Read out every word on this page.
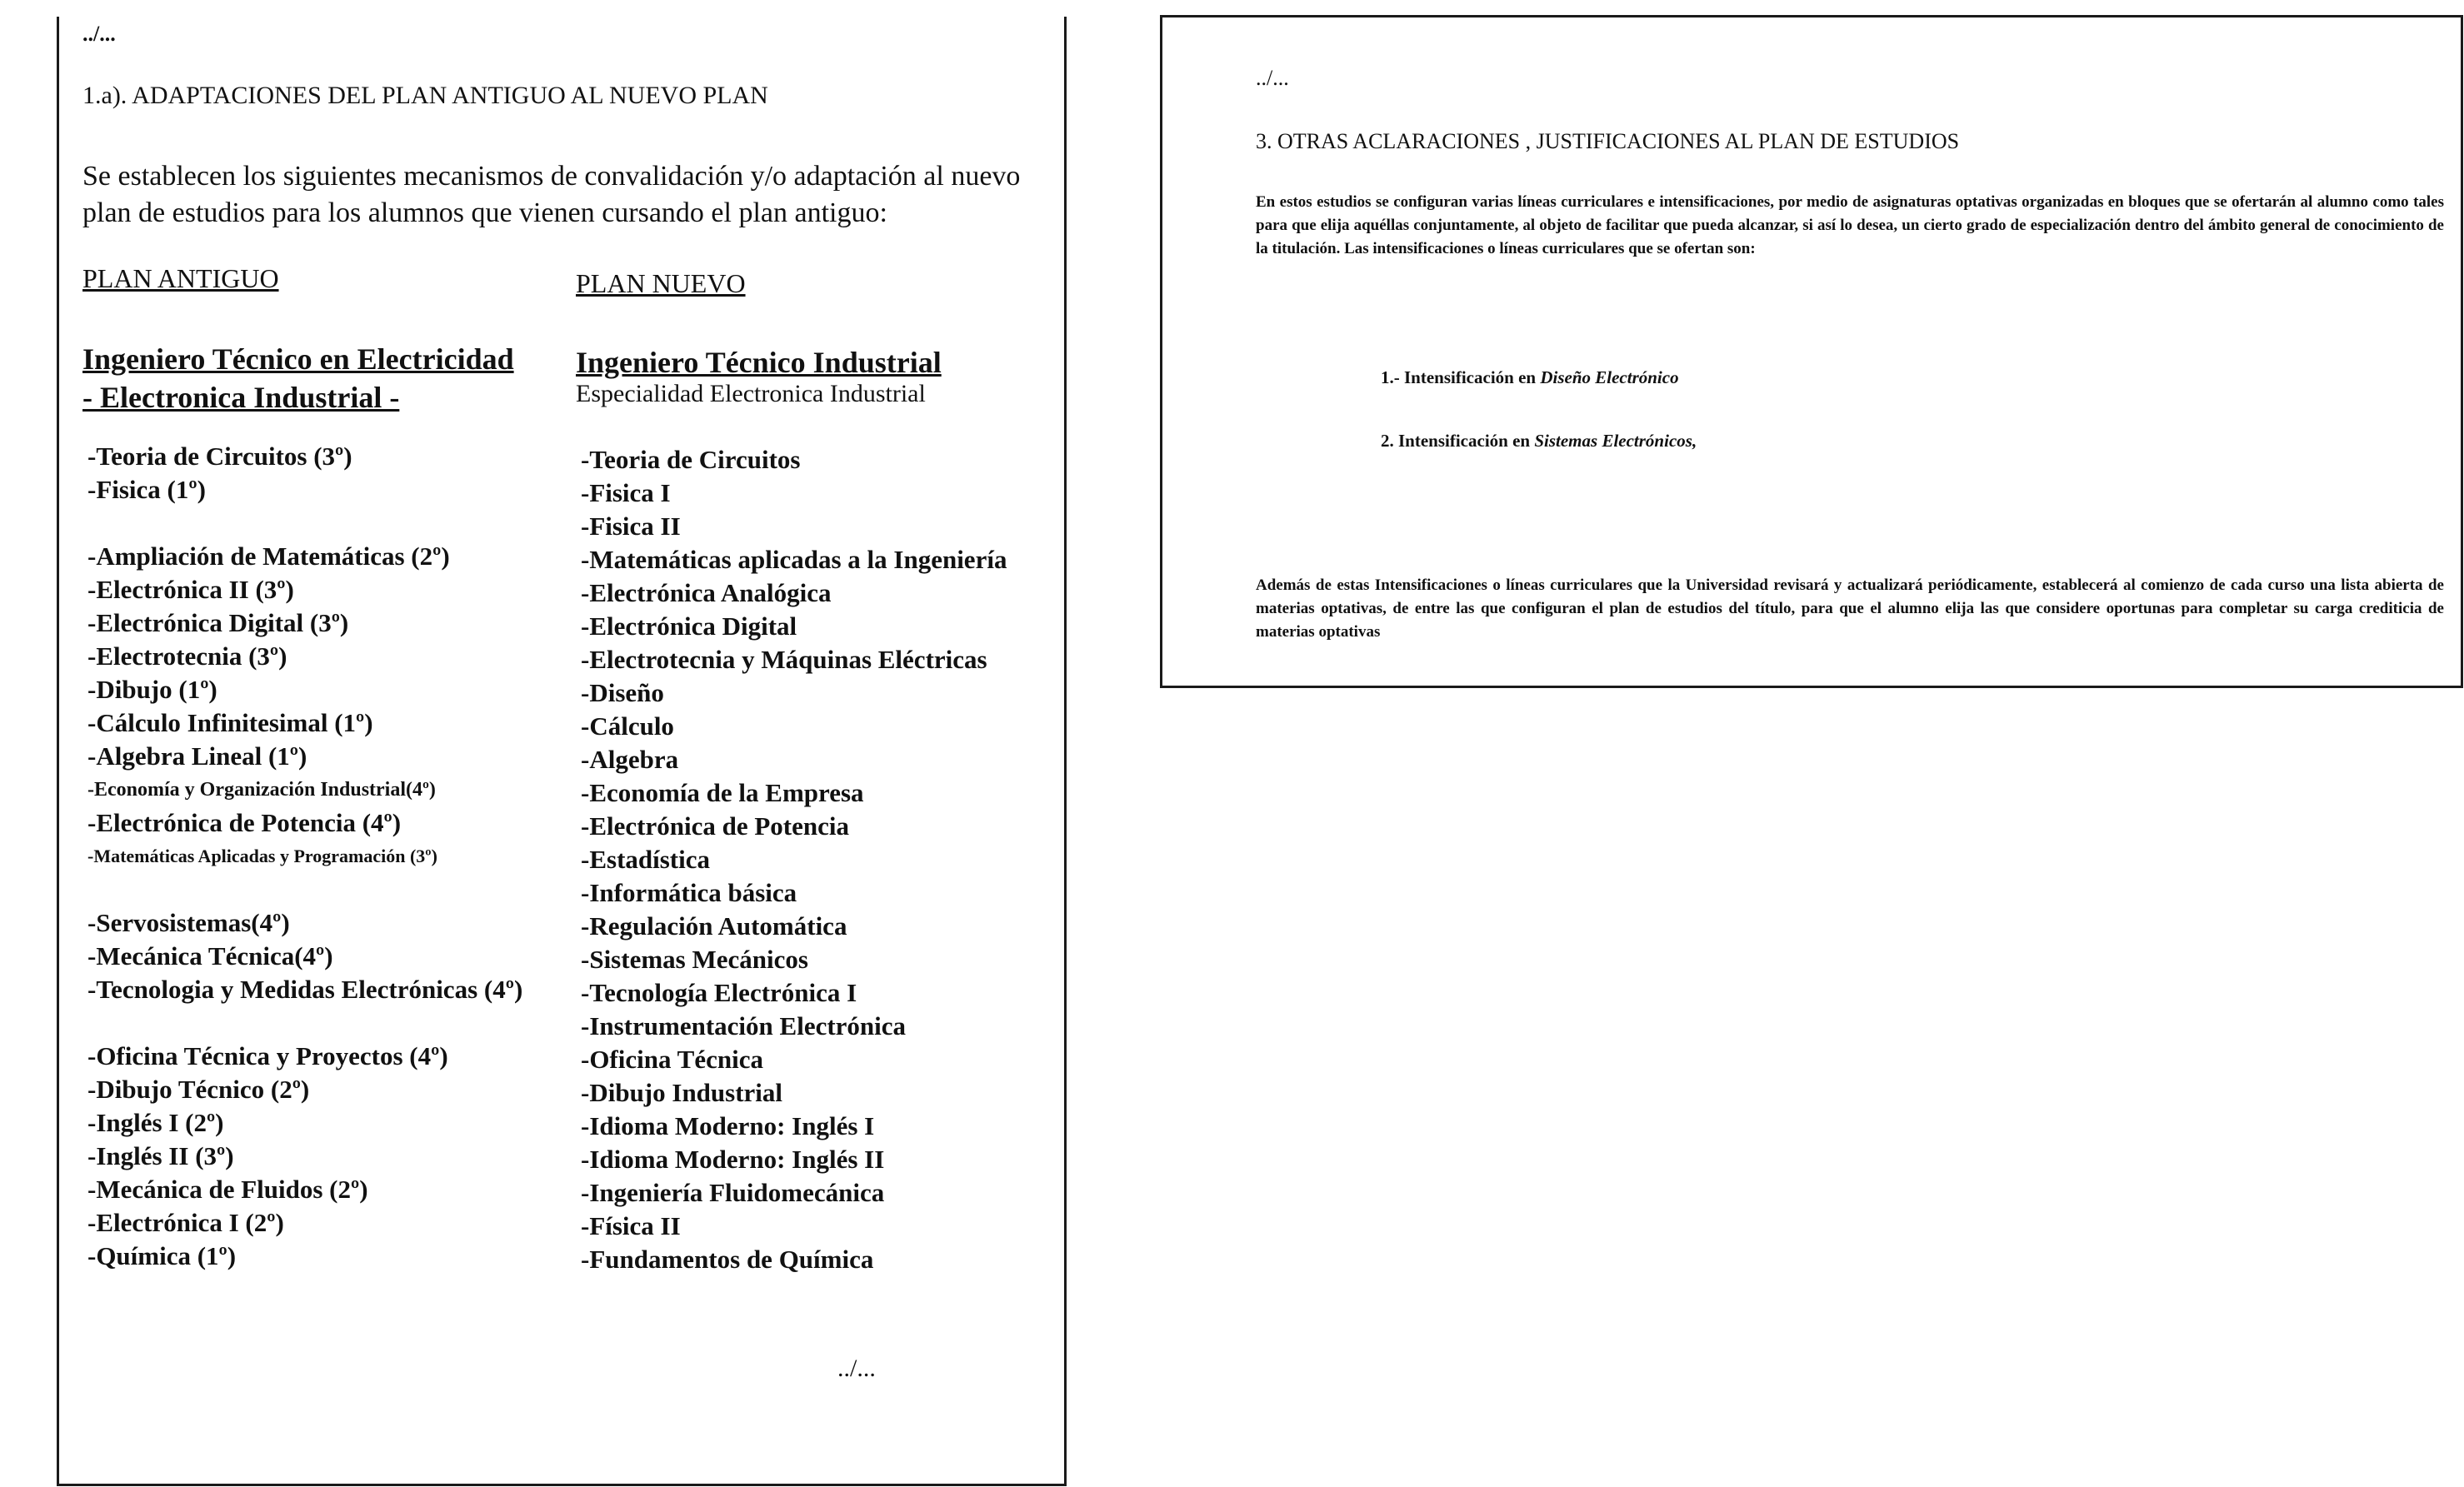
../...
1.a). ADAPTACIONES DEL PLAN ANTIGUO AL NUEVO PLAN
Se establecen los siguientes mecanismos de convalidación y/o adaptación al nuevo plan de estudios para los alumnos que vienen cursando el plan antiguo:
PLAN ANTIGUO	PLAN NUEVO
Ingeniero Técnico en Electricidad
- Electronica Industrial -
Ingeniero Técnico Industrial
Especialidad Electronica Industrial
-Teoria de Circuitos (3º)
-Fisica (1º)
-Ampliación de Matemáticas (2º)
-Electrónica II (3º)
-Electrónica Digital (3º)
-Electrotecnia (3º)
-Dibujo (1º)
-Cálculo Infinitesimal (1º)
-Algebra Lineal (1º)
-Economía y Organización Industrial(4º)
-Electrónica de Potencia (4º)
-Matemáticas Aplicadas y Programación (3º)
-Servosistemas(4º)
-Mecánica Técnica(4º)
-Tecnologia y Medidas Electrónicas (4º)
-Oficina Técnica y Proyectos (4º)
-Dibujo Técnico (2º)
-Inglés I (2º)
-Inglés II (3º)
-Mecánica de Fluidos (2º)
-Electrónica I (2º)
-Química (1º)
-Teoria de Circuitos
-Fisica I
-Fisica II
-Matemáticas aplicadas a la Ingeniería
-Electrónica Analógica
-Electrónica Digital
-Electrotecnia y Máquinas Eléctricas
-Diseño
-Cálculo
-Algebra
-Economía de la Empresa
-Electrónica de Potencia
-Estadística
-Informática básica
-Regulación Automática
-Sistemas Mecánicos
-Tecnología Electrónica I
-Instrumentación Electrónica
-Oficina Técnica
-Dibujo Industrial
-Idioma Moderno: Inglés I
-Idioma Moderno: Inglés II
-Ingeniería Fluidomecánica
-Física II
-Fundamentos de Química
../...
../...
3. OTRAS ACLARACIONES , JUSTIFICACIONES AL PLAN DE ESTUDIOS
En estos estudios se configuran varias líneas curriculares e intensificaciones, por medio de asignaturas optativas organizadas en bloques que se ofertarán al alumno como tales para que elija aquéllas conjuntamente, al objeto de facilitar que pueda alcanzar, si así lo desea, un cierto grado de especialización dentro del ámbito general de conocimiento de la titulación. Las intensificaciones o líneas curriculares que se ofertan son:
1.- Intensificación en Diseño Electrónico
2. Intensificación en Sistemas Electrónicos,
Además de estas Intensificaciones o líneas curriculares que la Universidad revisará y actualizará periódicamente, establecerá al comienzo de cada curso una lista abierta de materias optativas, de entre las que configuran el plan de estudios del título, para que el alumno elija las que considere oportunas para completar su carga crediticia de materias optativas
